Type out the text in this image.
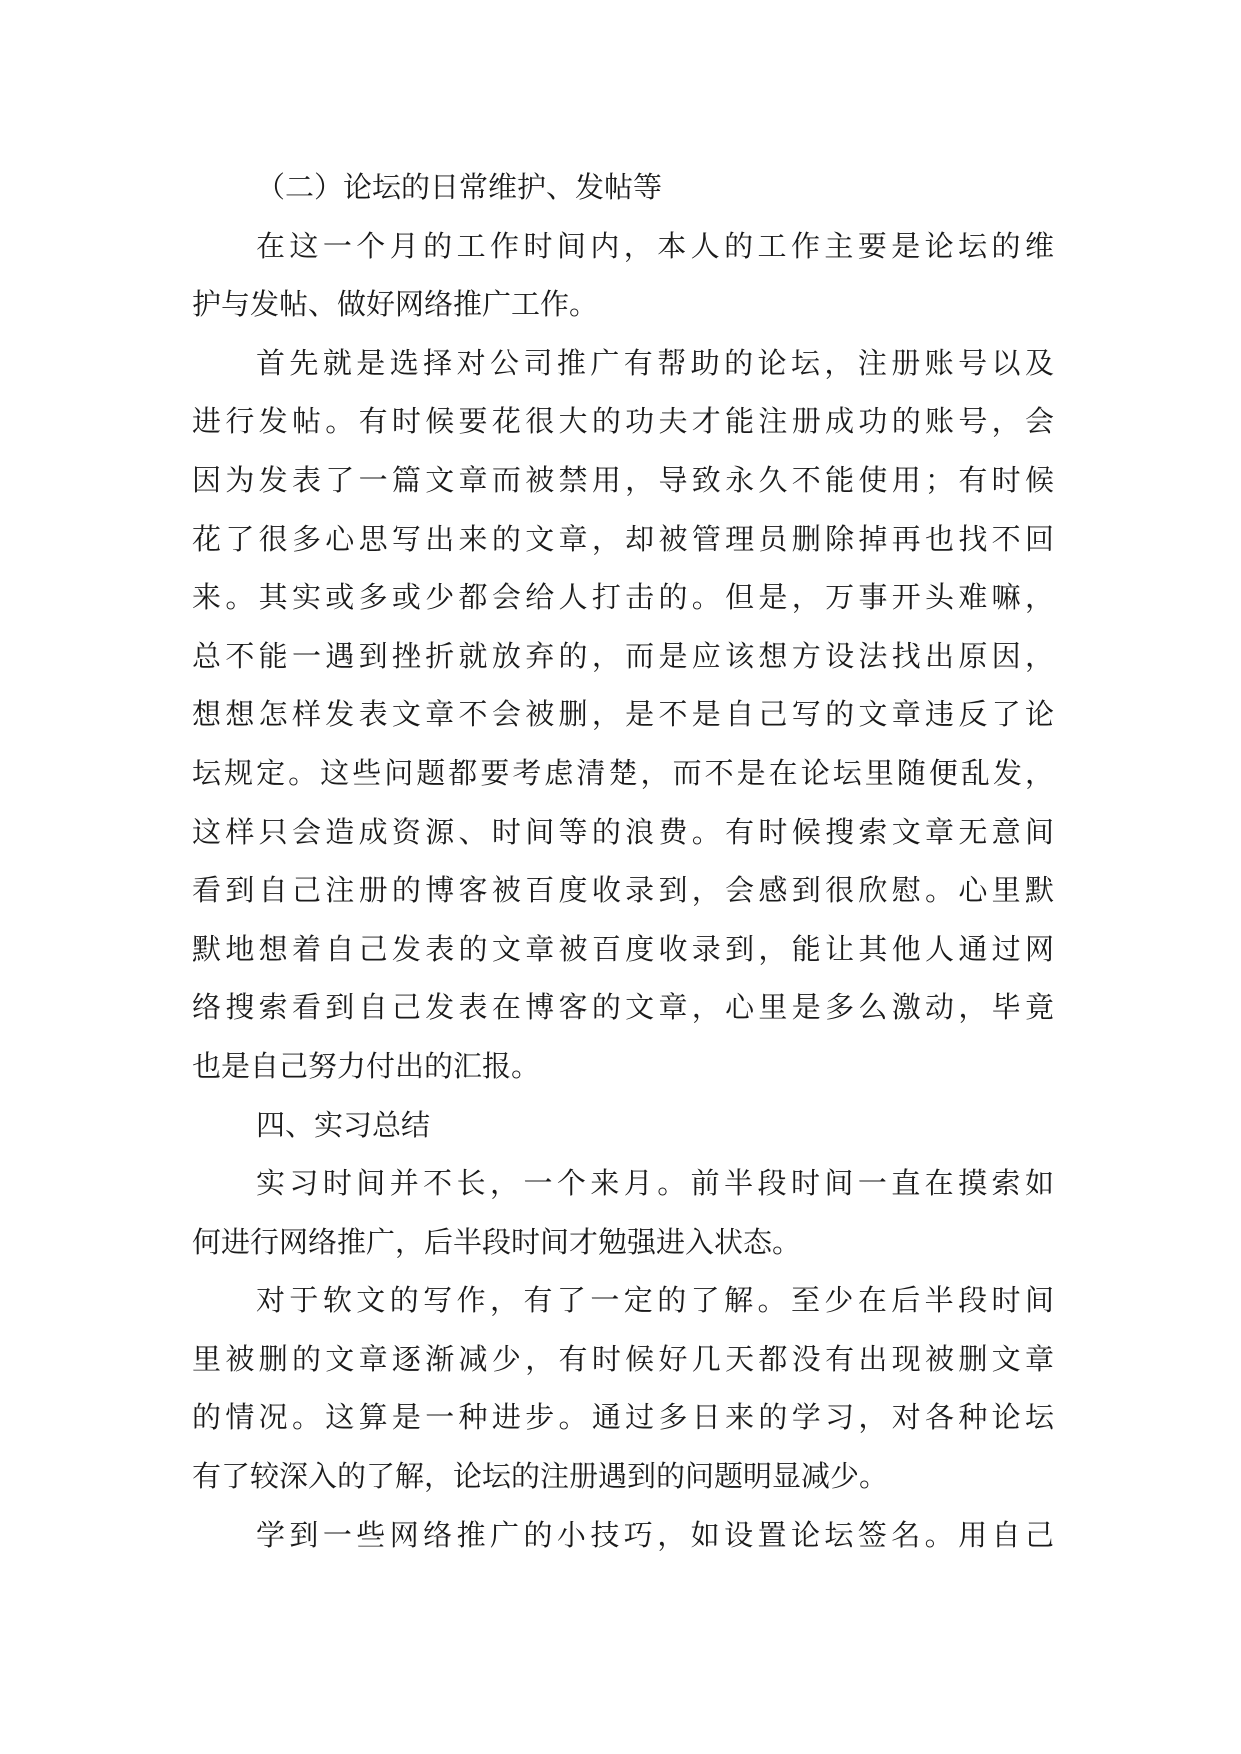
（二）论坛的日常维护、发帖等
在这一个月的工作时间内，本人的工作主要是论坛的维
护与发帖、做好网络推广工作。
首先就是选择对公司推广有帮助的论坛，注册账号以及
进行发帖。有时候要花很大的功夫才能注册成功的账号，会
因为发表了一篇文章而被禁用，导致永久不能使用；有时候
花了很多心思写出来的文章，却被管理员删除掉再也找不回
来。其实或多或少都会给人打击的。但是，万事开头难嘛，
总不能一遇到挫折就放弃的，而是应该想方设法找出原因，
想想怎样发表文章不会被删，是不是自己写的文章违反了论
坛规定。这些问题都要考虑清楚，而不是在论坛里随便乱发，
这样只会造成资源、时间等的浪费。有时候搜索文章无意间
看到自己注册的博客被百度收录到，会感到很欣慰。心里默
默地想着自己发表的文章被百度收录到，能让其他人通过网
络搜索看到自己发表在博客的文章，心里是多么激动，毕竟
也是自己努力付出的汇报。
四、实习总结
实习时间并不长，一个来月。前半段时间一直在摸索如
何进行网络推广，后半段时间才勉强进入状态。
对于软文的写作，有了一定的了解。至少在后半段时间
里被删的文章逐渐减少，有时候好几天都没有出现被删文章
的情况。这算是一种进步。通过多日来的学习，对各种论坛
有了较深入的了解，论坛的注册遇到的问题明显减少。
学到一些网络推广的小技巧，如设置论坛签名。用自己
